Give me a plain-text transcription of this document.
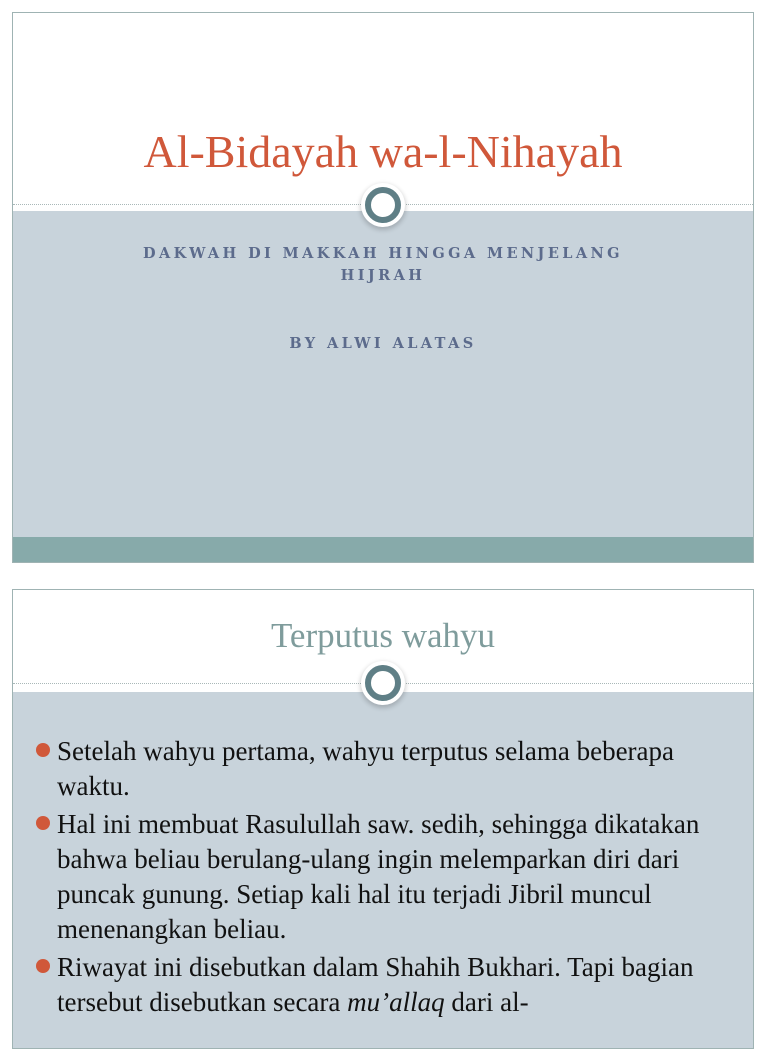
Al-Bidayah wa-l-Nihayah
DAKWAH DI MAKKAH HINGGA MENJELANG HIJRAH
BY ALWI ALATAS
Terputus wahyu
Setelah wahyu pertama, wahyu terputus selama beberapa waktu.
Hal ini membuat Rasulullah saw. sedih, sehingga dikatakan bahwa beliau berulang-ulang ingin melemparkan diri dari puncak gunung. Setiap kali hal itu terjadi Jibril muncul menenangkan beliau.
Riwayat ini disebutkan dalam Shahih Bukhari. Tapi bagian tersebut disebutkan secara mu’allaq dari al-
